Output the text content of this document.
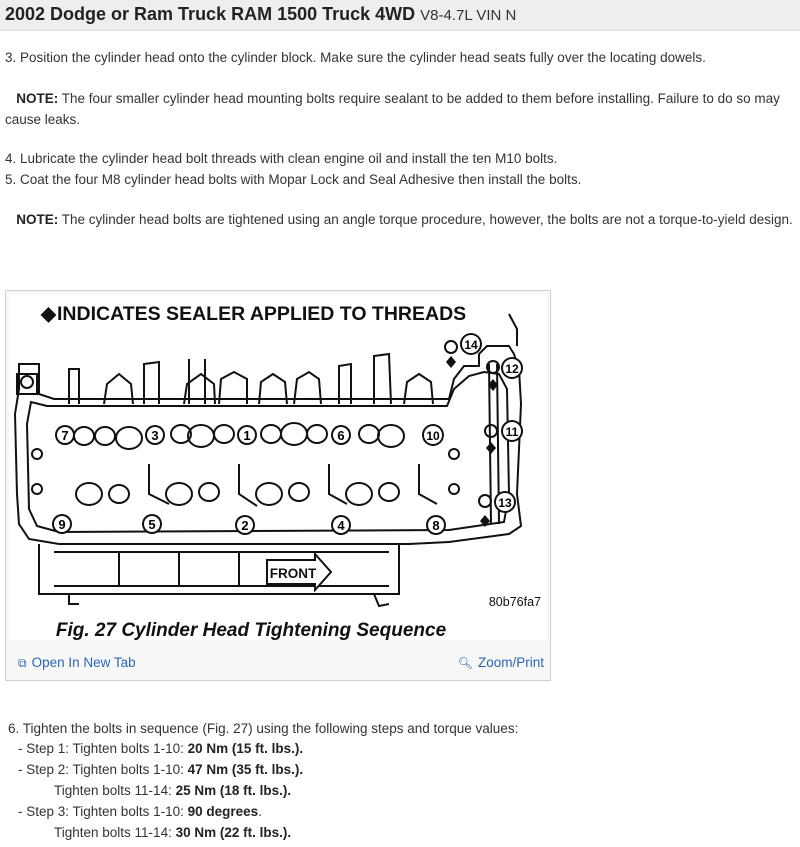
2002 Dodge or Ram Truck RAM 1500 Truck 4WD V8-4.7L VIN N
3. Position the cylinder head onto the cylinder block. Make sure the cylinder head seats fully over the locating dowels.
NOTE: The four smaller cylinder head mounting bolts require sealant to be added to them before installing. Failure to do so may cause leaks.
4. Lubricate the cylinder head bolt threads with clean engine oil and install the ten M10 bolts.
5. Coat the four M8 cylinder head bolts with Mopar Lock and Seal Adhesive then install the bolts.
NOTE: The cylinder head bolts are tightened using an angle torque procedure, however, the bolts are not a torque-to-yield design.
◆ INDICATES SEALER APPLIED TO THREADS
7	3	1	6	10
9	5	2	4	8
14
12
11
13
FRONT
80b76fa7
Fig. 27 Cylinder Head Tightening Sequence
⧉ Open In New Tab	🔍︎ Zoom/Print
6. Tighten the bolts in sequence (Fig. 27) using the following steps and torque values:
- Step 1: Tighten bolts 1-10: 20 Nm (15 ft. lbs.).
- Step 2: Tighten bolts 1-10: 47 Nm (35 ft. lbs.).
Tighten bolts 11-14: 25 Nm (18 ft. lbs.).
- Step 3: Tighten bolts 1-10: 90 degrees.
Tighten bolts 11-14: 30 Nm (22 ft. lbs.).
